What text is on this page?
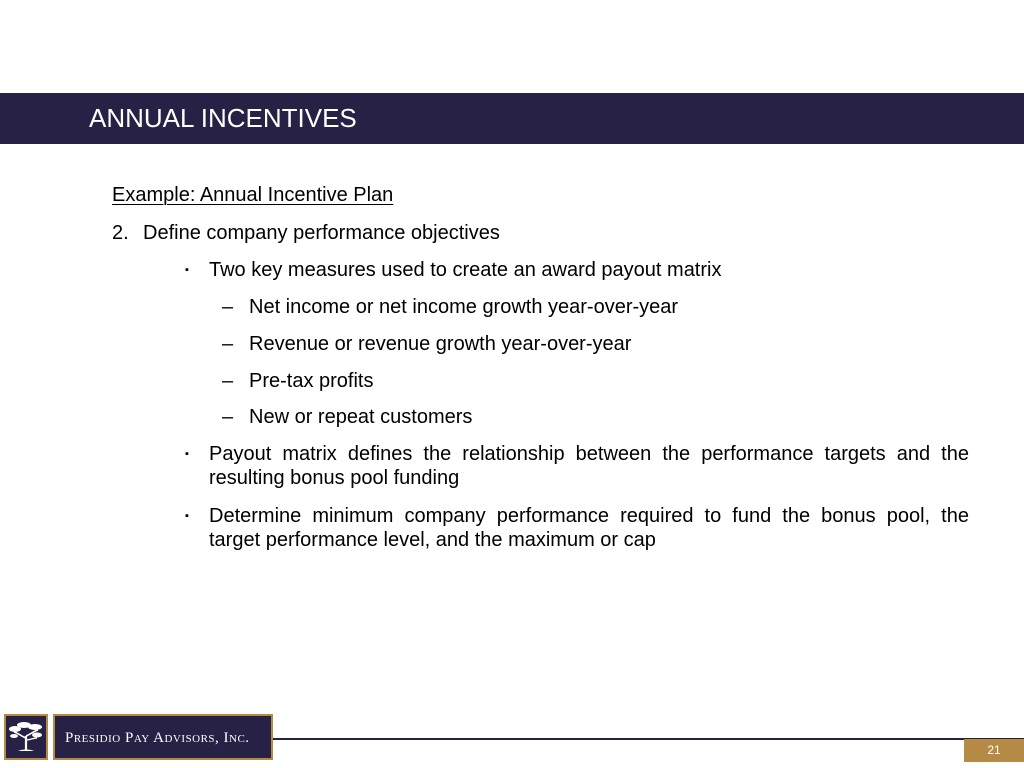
ANNUAL INCENTIVES
Example: Annual Incentive Plan
2. Define company performance objectives
▪ Two key measures used to create an award payout matrix
– Net income or net income growth year-over-year
– Revenue or revenue growth year-over-year
– Pre-tax profits
– New or repeat customers
▪ Payout matrix defines the relationship between the performance targets and the resulting bonus pool funding
▪ Determine minimum company performance required to fund the bonus pool, the target performance level, and the maximum or cap
Presidio Pay Advisors, Inc.
21
